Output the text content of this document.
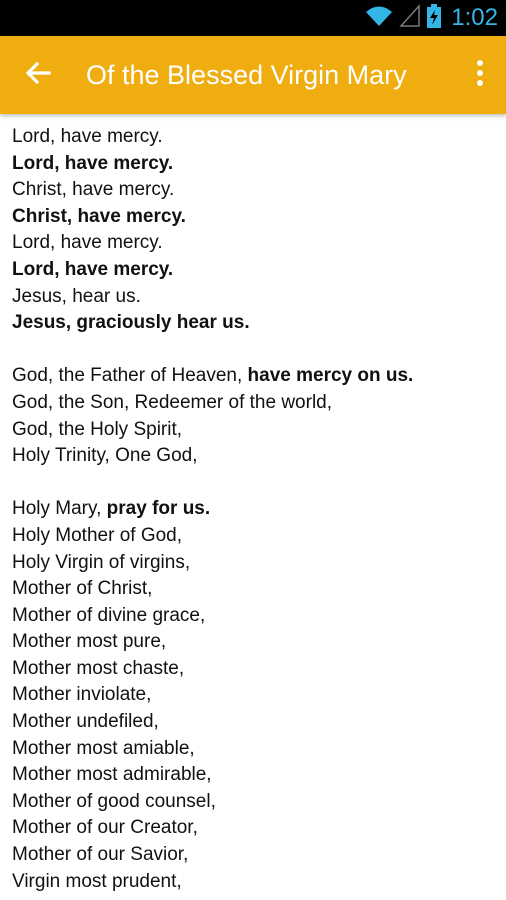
1:02
Of the Blessed Virgin Mary
Lord, have mercy.
Lord, have mercy.
Christ, have mercy.
Christ, have mercy.
Lord, have mercy.
Lord, have mercy.
Jesus, hear us.
Jesus, graciously hear us.
God, the Father of Heaven, have mercy on us.
God, the Son, Redeemer of the world,
God, the Holy Spirit,
Holy Trinity, One God,
Holy Mary, pray for us.
Holy Mother of God,
Holy Virgin of virgins,
Mother of Christ,
Mother of divine grace,
Mother most pure,
Mother most chaste,
Mother inviolate,
Mother undefiled,
Mother most amiable,
Mother most admirable,
Mother of good counsel,
Mother of our Creator,
Mother of our Savior,
Virgin most prudent,
